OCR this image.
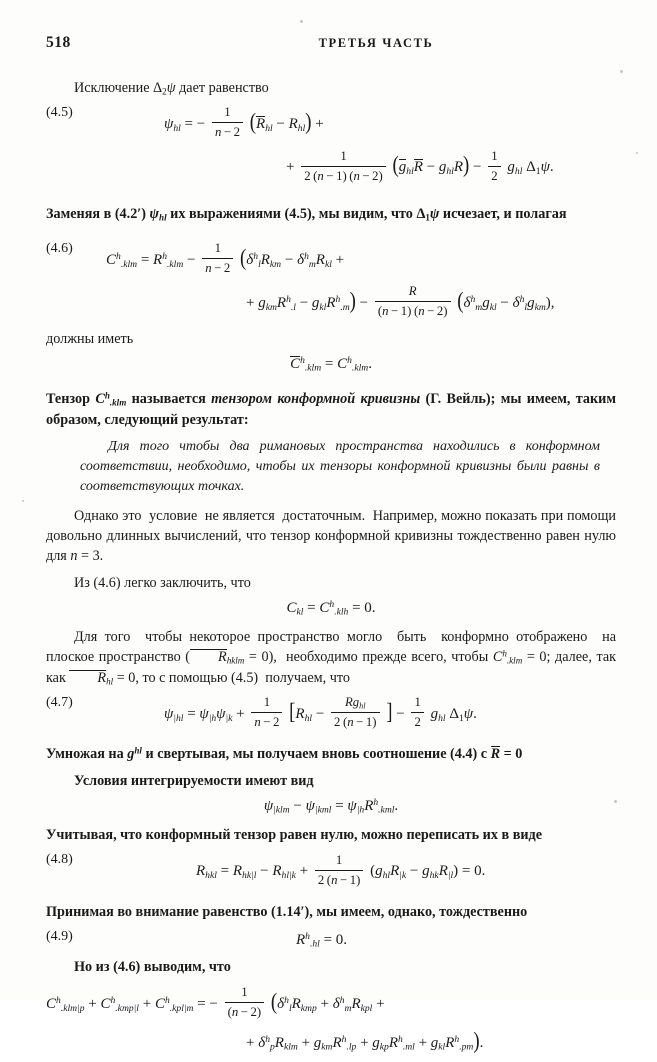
518	ТРЕТЬЯ ЧАСТЬ

Исключение $\Delta_2\psi$ дает равенство

(4.5)
$\psi_{hl}$ = − $\frac{1}{n - 2} (R_{hl} - R_{hl})$ +
+ $\frac{1}{2 (n - 1) (n - 2)} (g_{hl}R - g_{hl}R) - \frac{1}{2} g_{hl}$ $\Delta_1\psi$.

Заменяя в (4.2′) $\psi_{hl}$ их выражениями (4.5), мы видим, что $\Delta_1\psi$ исчезает, и полагая

(4.6)
$C^h_{.klm} = R^h_{.klm} - \frac{1}{n - 2} (\delta^h_lR_{km} - \delta^h_mR_{kl}$ +
+ $g_{km}R^h_{.l} - g_{kl}R^h_{.m}) - \frac{R}{(n - 1) (n - 2)} (\delta^h_mg_{kl} - \delta^h_lg_{km})$,

должны иметь

$C^h_{.klm} = C^h_{.klm}$.

Тензор $C^h_{.klm}$ называется тензором конформной кривизны (Г. Вейль); мы имеем, таким образом, следующий результат:

Для того чтобы два римановых пространства находились в конформном соответствии, необходимо, чтобы их тензоры конформной кривизны были равны в соответствующих точках.

Однако это  условие  не является  достаточным.  Например, можно показать при помощи довольно длинных вычислений, что тензор конформной кривизны тождественно равен нулю для n = 3.

Из (4.6) легко заключить, что

$C_{kl} = C^h_{.klh} = 0$.

Для того  чтобы некоторое пространство могло  быть  конформно отображено  на плоское пространство ( $R_{hklm} = 0$),  необходимо прежде всего, чтобы $C^h_{.klm} = 0$; далее, так как $R_{hl} = 0$, то с помощью (4.5)  получаем, что

(4.7)
$\psi_{|hl} = \psi_{|h}\psi_{|k} + \frac{1}{n - 2} [R_{hl} - \frac{Rg_{hl}}{2 (n - 1)}$ ] − $\frac{1}{2} g_{hl}$ $\Delta_1\psi$.

Умножая на $g^{hl}$ и свертывая, мы получаем вновь соотношение (4.4) с R = 0

Условия интегрируемости имеют вид

$\psi_{|klm} - \psi_{|kml} = \psi_{|h}R^h_{.kml}$.

Учитывая, что конформный тензор равен нулю, можно переписать их в виде

(4.8)
$R_{hkl} = R_{hk|l} - R_{hl|k} + \frac{1}{2 (n - 1)} (g_{hl}R_{|k} - g_{hk}R_{|l}) = 0$.

Принимая во внимание равенство (1.14′), мы имеем, однако, тождественно

(4.9)	$R^h_{.hl} = 0$.

Но из (4.6) выводим, что

$C^h_{.klm|p} + C^h_{.kmp|l} + C^h_{.kpl|m}$ = − $\frac{1}{(n - 2)} (\delta^h_lR_{kmp} + \delta^h_mR_{kpl}$ +
+ $\delta^h_pR_{klm} + g_{km}R^h_{.lp} + g_{kp}R^h_{.ml} + g_{kl}R^h_{.pm}$).
